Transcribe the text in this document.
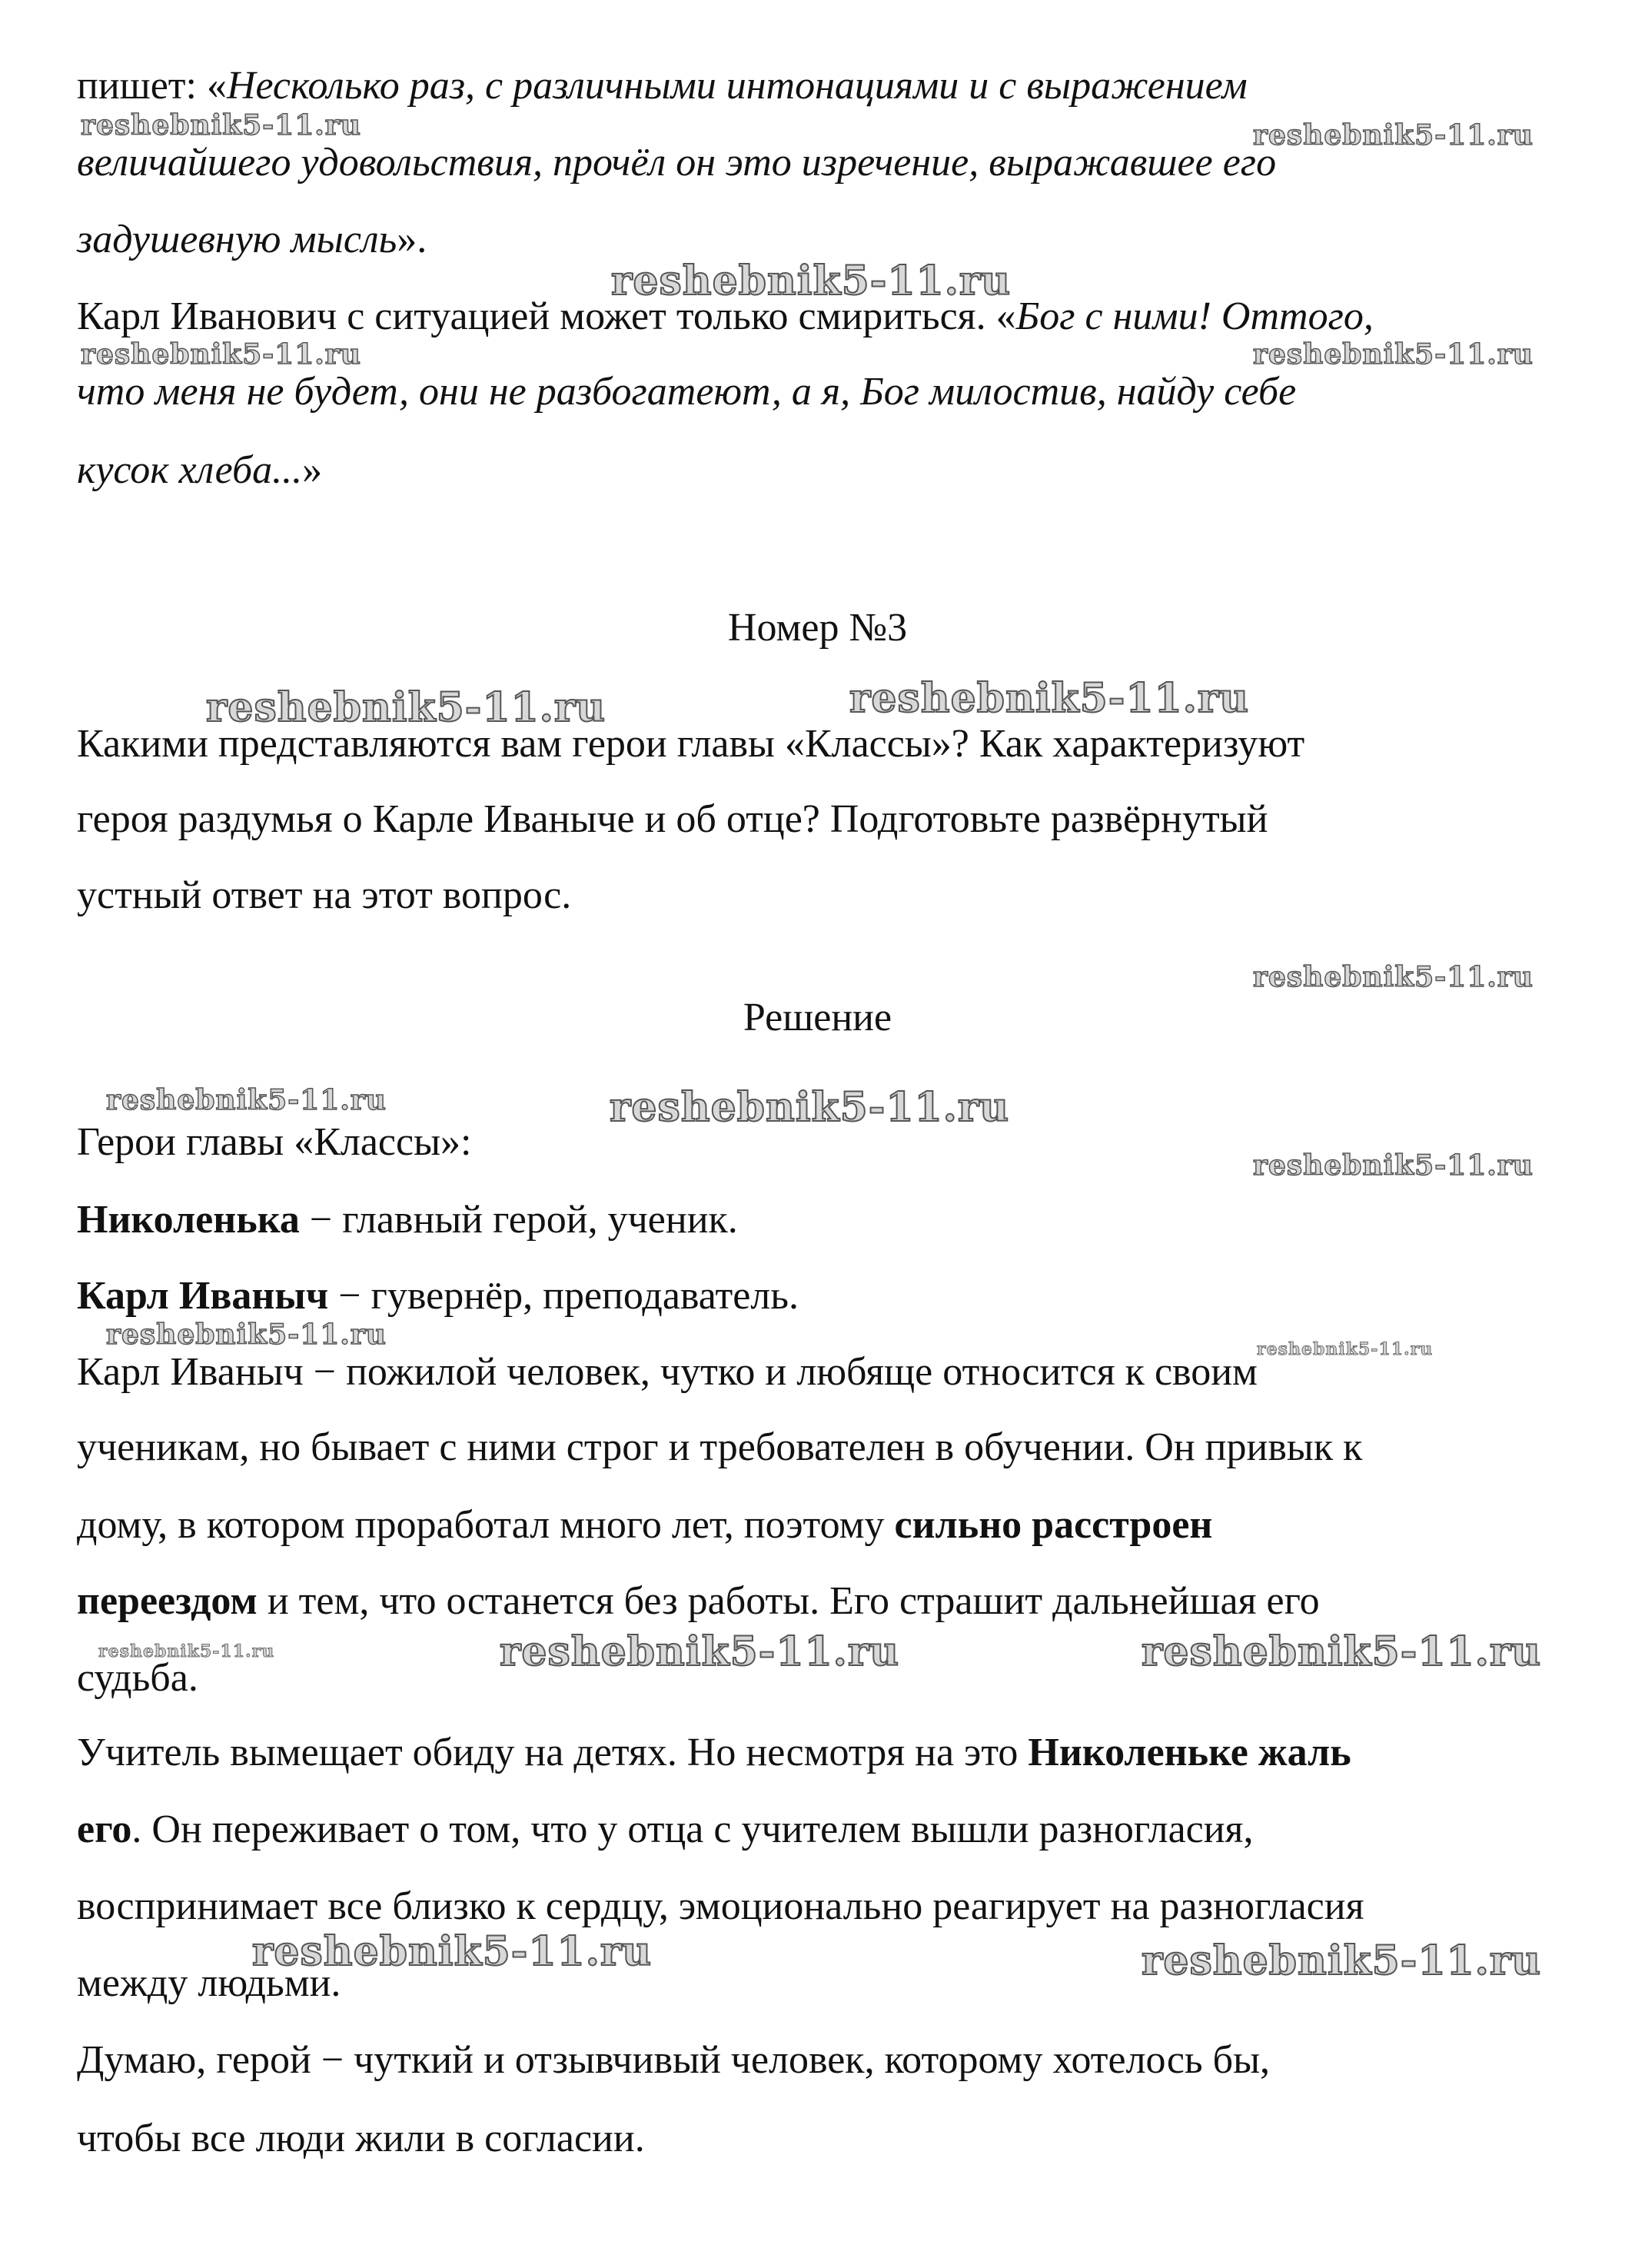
пишет: «Несколько раз, с различными интонациями и с выражением
величайшего удовольствия, прочёл он это изречение, выражавшее его
задушевную мысль».
Карл Иванович с ситуацией может только смириться. «Бог с ними! Оттого,
что меня не будет, они не разбогатеют, а я, Бог милостив, найду себе
кусок хлеба...»
Номер №3
Какими представляются вам герои главы «Классы»? Как характеризуют
героя раздумья о Карле Иваныче и об отце? Подготовьте развёрнутый
устный ответ на этот вопрос.
Решение
Герои главы «Классы»:
Николенька − главный герой, ученик.
Карл Иваныч − гувернёр, преподаватель.
Карл Иваныч − пожилой человек, чутко и любяще относится к своим
ученикам, но бывает с ними строг и требователен в обучении. Он привык к
дому, в котором проработал много лет, поэтому сильно расстроен
переездом и тем, что останется без работы. Его страшит дальнейшая его
судьба.
Учитель вымещает обиду на детях. Но несмотря на это Николеньке жаль
его. Он переживает о том, что у отца с учителем вышли разногласия,
воспринимает все близко к сердцу, эмоционально реагирует на разногласия
между людьми.
Думаю, герой − чуткий и отзывчивый человек, которому хотелось бы,
чтобы все люди жили в согласии.
reshebnik5-11.ru	reshebnik5-11.ru
reshebnik5-11.ru
reshebnik5-11.ru	reshebnik5-11.ru
reshebnik5-11.ru	reshebnik5-11.ru
reshebnik5-11.ru
reshebnik5-11.ru	reshebnik5-11.ru
reshebnik5-11.ru
reshebnik5-11.ru	reshebnik5-11.ru
reshebnik5-11.ru	reshebnik5-11.ru	reshebnik5-11.ru
reshebnik5-11.ru	reshebnik5-11.ru
